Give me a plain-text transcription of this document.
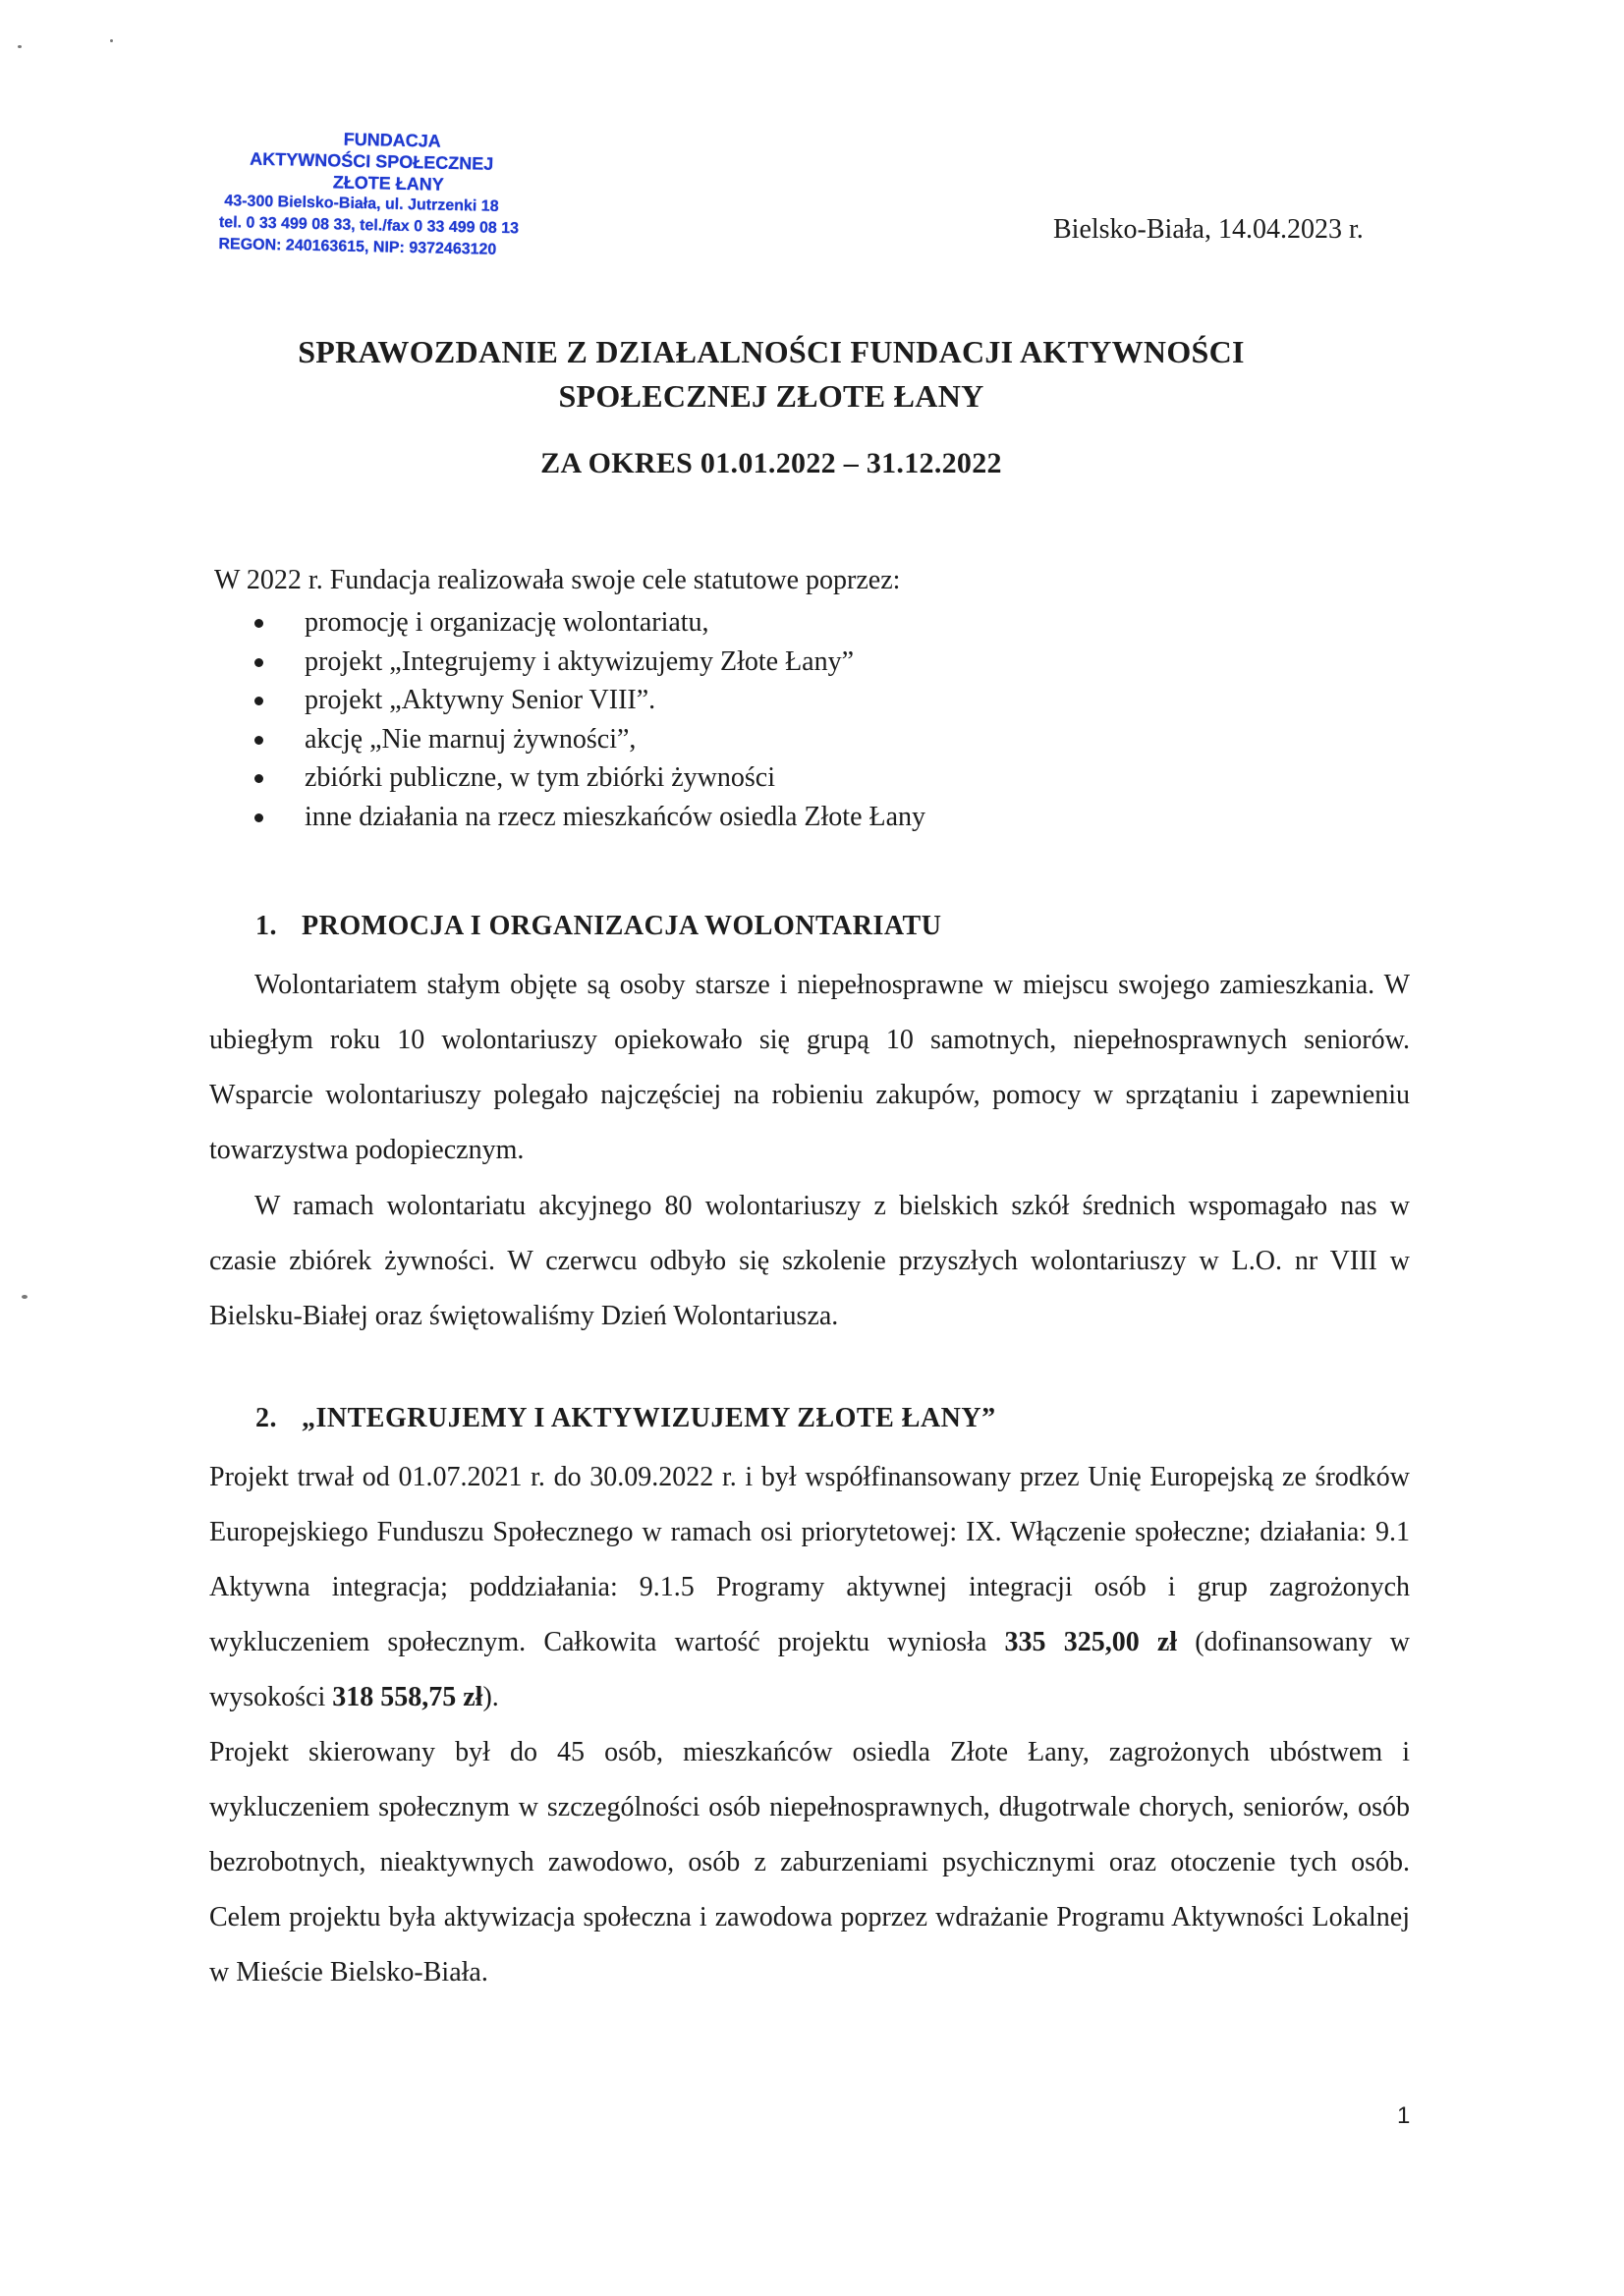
FUNDACJA
AKTYWNOŚCI SPOŁECZNEJ
ZŁOTE ŁANY
43-300 Bielsko-Biała, ul. Jutrzenki 18
tel. 0 33 499 08 33, tel./fax 0 33 499 08 13
REGON: 240163615, NIP: 9372463120
Bielsko-Biała, 14.04.2023 r.
SPRAWOZDANIE Z DZIAŁALNOŚCI FUNDACJI AKTYWNOŚCI
SPOŁECZNEJ ZŁOTE ŁANY
ZA OKRES 01.01.2022 – 31.12.2022
W 2022 r. Fundacja realizowała swoje cele statutowe poprzez:
promocję i organizację wolontariatu,
projekt „Integrujemy i aktywizujemy Złote Łany”
projekt „Aktywny Senior VIII”.
akcję „Nie marnuj żywności”,
zbiórki publiczne, w tym zbiórki żywności
inne działania na rzecz mieszkańców osiedla Złote Łany
1. PROMOCJA I ORGANIZACJA WOLONTARIATU
Wolontariatem stałym objęte są osoby starsze i niepełnosprawne w miejscu swojego zamieszkania. W ubiegłym roku 10 wolontariuszy opiekowało się grupą 10 samotnych, niepełnosprawnych seniorów. Wsparcie wolontariuszy polegało najczęściej na robieniu zakupów, pomocy w sprzątaniu i zapewnieniu towarzystwa podopiecznym.
W ramach wolontariatu akcyjnego 80 wolontariuszy z bielskich szkół średnich wspomagało nas w czasie zbiórek żywności. W czerwcu odbyło się szkolenie przyszłych wolontariuszy w L.O. nr VIII w Bielsku-Białej oraz świętowaliśmy Dzień Wolontariusza.
2. „INTEGRUJEMY I AKTYWIZUJEMY ZŁOTE ŁANY”
Projekt trwał od 01.07.2021 r. do 30.09.2022 r. i był współfinansowany przez Unię Europejską ze środków Europejskiego Funduszu Społecznego w ramach osi priorytetowej: IX. Włączenie społeczne; działania: 9.1 Aktywna integracja; poddziałania: 9.1.5 Programy aktywnej integracji osób i grup zagrożonych wykluczeniem społecznym. Całkowita wartość projektu wyniosła 335 325,00 zł (dofinansowany w wysokości 318 558,75 zł).
Projekt skierowany był do 45 osób, mieszkańców osiedla Złote Łany, zagrożonych ubóstwem i wykluczeniem społecznym w szczególności osób niepełnosprawnych, długotrwale chorych, seniorów, osób bezrobotnych, nieaktywnych zawodowo, osób z zaburzeniami psychicznymi oraz otoczenie tych osób. Celem projektu była aktywizacja społeczna i zawodowa poprzez wdrażanie Programu Aktywności Lokalnej w Mieście Bielsko-Biała.
1
